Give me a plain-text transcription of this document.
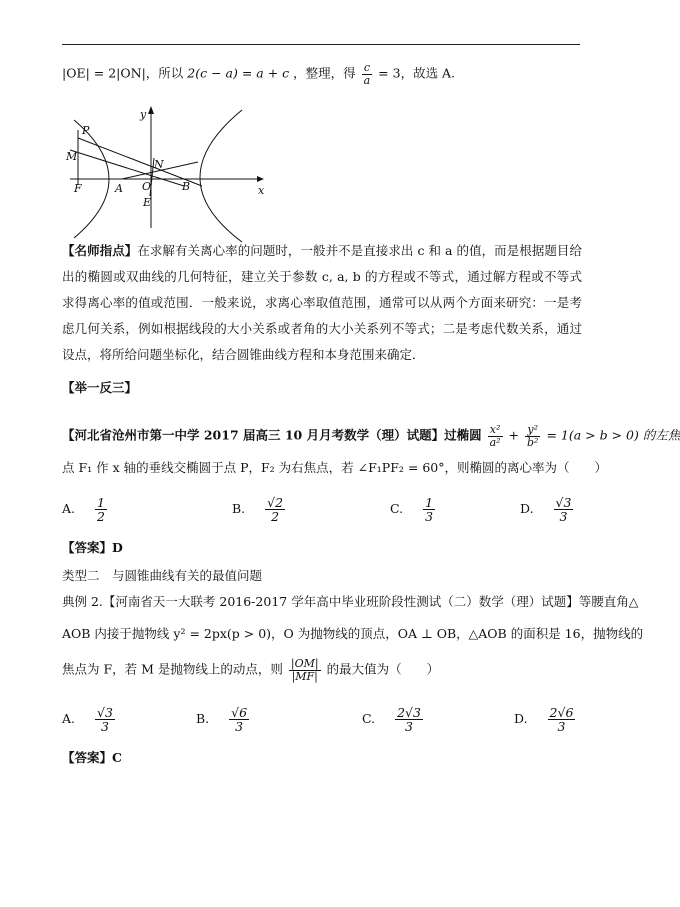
|OE| = 2|ON|，所以 2(c − a) = a + c ，整理，得 $\frac{c}{a} = 3$，故选 A.
y
x
P
M
F	A O
N
E
B
【名师指点】在求解有关离心率的问题时，一般并不是直接求出 c 和 a 的值，而是根据题目给出的椭圆或双曲线的几何特征，建立关于参数 c, a, b 的方程或不等式，通过解方程或不等式求得离心率的值或范围．一般来说，求离心率取值范围，通常可以从两个方面来研究：一是考虑几何关系，例如根据线段的大小关系或者角的大小关系列不等式；二是考虑代数关系，通过设点，将所给问题坐标化，结合圆锥曲线方程和本身范围来确定．
【举一反三】
【河北省沧州市第一中学 2017 届高三 10 月月考数学（理）试题】过椭圆 $\frac{\text{x²}}{\text{a²}} + \frac{\text{y²}}{\text{b²}} = 1(a > b > 0)$ 的左焦
点 F₁ 作 x 轴的垂线交椭圆于点 P，F₂ 为右焦点，若 ∠F₁PF₂ = 60°，则椭圆的离心率为（　　）
A. $\frac{1}{2}$	B. $\frac{√2}{2}$	C. $\frac{1}{3}$	D. $\frac{√3}{3}$
【答案】D
类型二　与圆锥曲线有关的最值问题
典例 2.【河南省天一大联考 2016-2017 学年高中毕业班阶段性测试（二）数学（理）试题】等腰直角△
AOB 内接于抛物线 y² = 2px(p > 0)，O 为抛物线的顶点，OA ⊥ OB，△AOB 的面积是 16，抛物线的
焦点为 F，若 M 是抛物线上的动点，则 $\frac{|OM|}{|MF|}$ 的最大值为（　　）
A. $\frac{√3}{3}$	B. $\frac{√6}{3}$	C. $\frac{2√3}{3}$	D. $\frac{2√6}{3}$
【答案】C
